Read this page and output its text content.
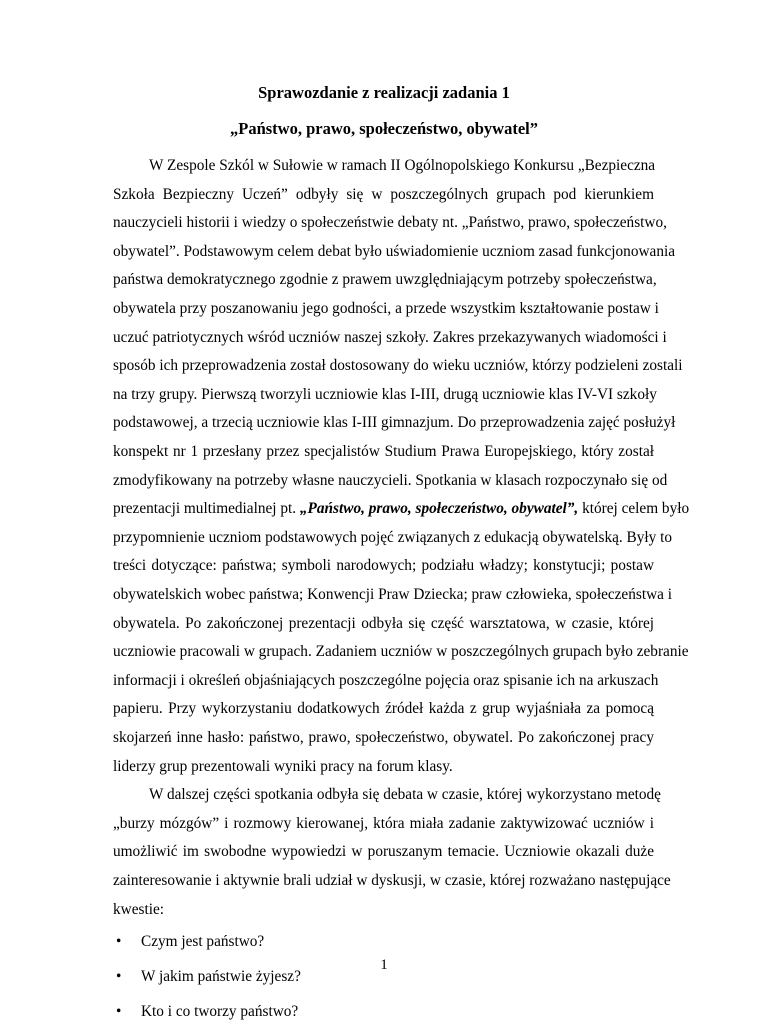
Sprawozdanie z realizacji zadania 1
„Państwo, prawo, społeczeństwo, obywatel”
W Zespole Szkól w Sułowie w ramach II Ogólnopolskiego Konkursu „Bezpieczna
Szkoła Bezpieczny Uczeń” odbyły się w poszczególnych grupach pod kierunkiem
nauczycieli historii i wiedzy o społeczeństwie debaty nt. „Państwo, prawo, społeczeństwo,
obywatel”. Podstawowym celem debat było uświadomienie uczniom zasad funkcjonowania
państwa demokratycznego zgodnie z prawem uwzględniającym potrzeby społeczeństwa,
obywatela przy poszanowaniu jego godności, a przede wszystkim kształtowanie postaw i
uczuć patriotycznych wśród uczniów naszej szkoły. Zakres przekazywanych wiadomości i
sposób ich przeprowadzenia został dostosowany do wieku uczniów, którzy podzieleni zostali
na trzy grupy. Pierwszą tworzyli uczniowie klas I-III, drugą uczniowie klas IV-VI szkoły
podstawowej, a trzecią uczniowie klas I-III gimnazjum. Do przeprowadzenia zajęć posłużył
konspekt nr 1 przesłany przez specjalistów Studium Prawa Europejskiego, który został
zmodyfikowany na potrzeby własne nauczycieli. Spotkania w klasach rozpoczynało się od
prezentacji multimedialnej pt. „Państwo, prawo, społeczeństwo, obywatel”, której celem było
przypomnienie uczniom podstawowych pojęć związanych z edukacją obywatelską. Były to
treści dotyczące: państwa; symboli narodowych; podziału władzy; konstytucji; postaw
obywatelskich wobec państwa; Konwencji Praw Dziecka; praw człowieka, społeczeństwa i
obywatela. Po zakończonej prezentacji odbyła się część warsztatowa, w czasie, której
uczniowie pracowali w grupach. Zadaniem uczniów w poszczególnych grupach było zebranie
informacji i określeń objaśniających poszczególne pojęcia oraz spisanie ich na arkuszach
papieru. Przy wykorzystaniu dodatkowych źródeł każda z grup wyjaśniała za pomocą
skojarzeń inne hasło: państwo, prawo, społeczeństwo, obywatel. Po zakończonej pracy
liderzy grup prezentowali wyniki pracy na forum klasy.
W dalszej części spotkania odbyła się debata w czasie, której wykorzystano metodę
„burzy mózgów” i rozmowy kierowanej, która miała zadanie zaktywizować uczniów i
umożliwić im swobodne wypowiedzi w poruszanym temacie. Uczniowie okazali duże
zainteresowanie i aktywnie brali udział w dyskusji, w czasie, której rozważano następujące
kwestie:
1
• Czym jest państwo?
• W jakim państwie żyjesz?
• Kto i co tworzy państwo?
